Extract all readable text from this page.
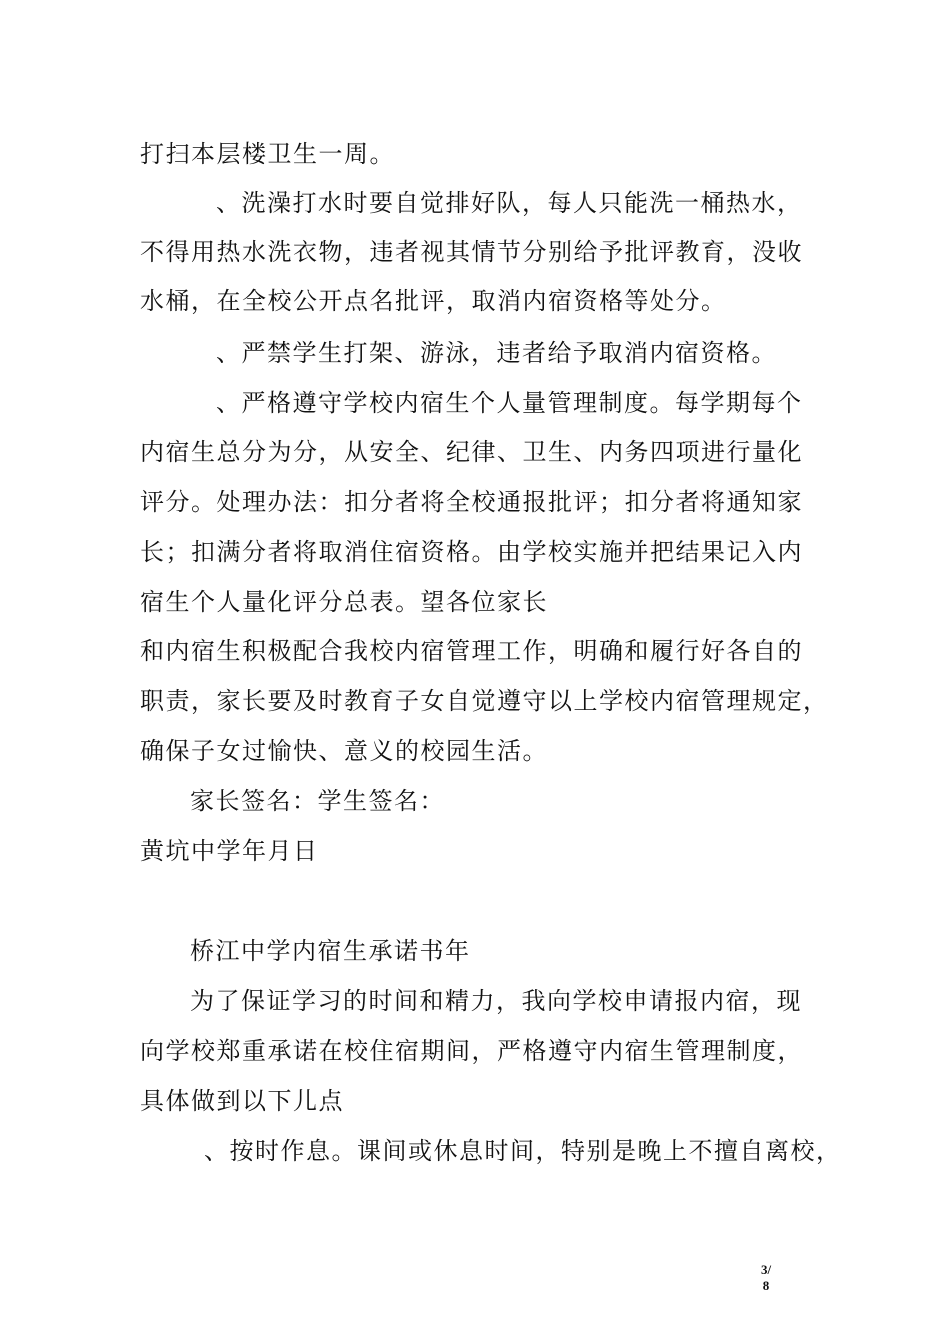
打扫本层楼卫生一周。
、洗澡打水时要自觉排好队，每人只能洗一桶热水，
不得用热水洗衣物，违者视其情节分别给予批评教育，没收
水桶，在全校公开点名批评，取消内宿资格等处分。
、严禁学生打架、游泳，违者给予取消内宿资格。
、严格遵守学校内宿生个人量管理制度。每学期每个
内宿生总分为分，从安全、纪律、卫生、内务四项进行量化
评分。处理办法：扣分者将全校通报批评；扣分者将通知家
长；扣满分者将取消住宿资格。由学校实施并把结果记入内
宿生个人量化评分总表。望各位家长
和内宿生积极配合我校内宿管理工作，明确和履行好各自的
职责，家长要及时教育子女自觉遵守以上学校内宿管理规定，
确保子女过愉快、意义的校园生活。
家长签名：学生签名：
黄坑中学年月日
桥江中学内宿生承诺书年
为了保证学习的时间和精力，我向学校申请报内宿，现
向学校郑重承诺在校住宿期间，严格遵守内宿生管理制度，
具体做到以下儿点
、按时作息。课间或休息时间，特别是晚上不擅自离校，
3/
8
